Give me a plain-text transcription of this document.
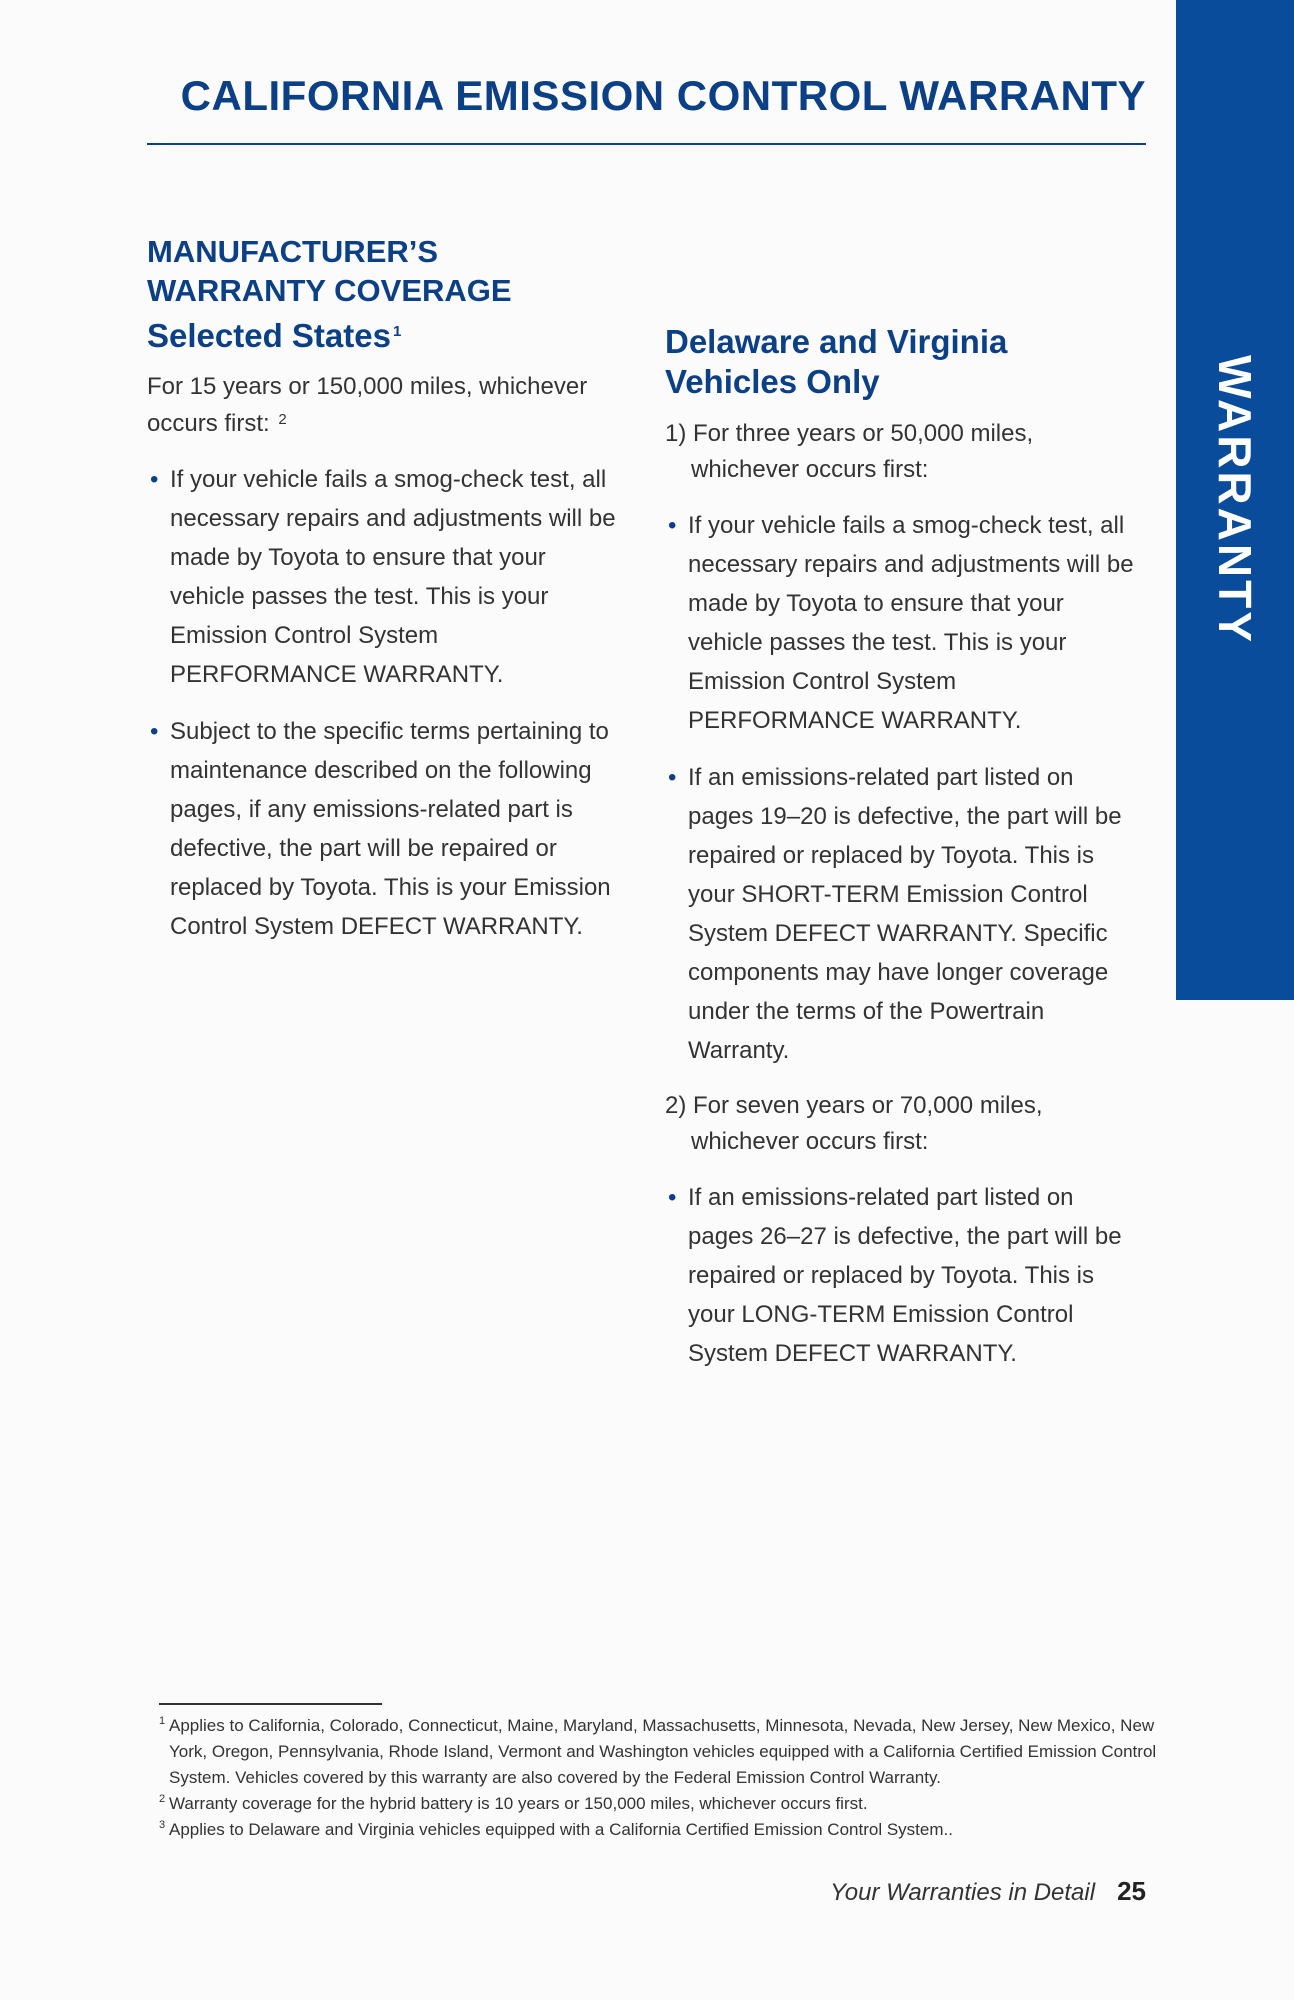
WARRANTY
CALIFORNIA EMISSION CONTROL WARRANTY
MANUFACTURER’S
WARRANTY COVERAGE
Selected States $^1$

For 15 years or 150,000 miles, whichever occurs first: $^2$

• If your vehicle fails a smog-check test, all necessary repairs and adjustments will be made by Toyota to ensure that your vehicle passes the test. This is your Emission Control System PERFORMANCE WARRANTY.
• Subject to the specific terms pertaining to maintenance described on the following pages, if any emissions-related part is defective, the part will be repaired or replaced by Toyota. This is your Emission Control System DEFECT WARRANTY.
Delaware and Virginia
Vehicles Only

1) For three years or 50,000 miles, whichever occurs first:

• If your vehicle fails a smog-check test, all necessary repairs and adjustments will be made by Toyota to ensure that your vehicle passes the test. This is your Emission Control System PERFORMANCE WARRANTY.
• If an emissions-related part listed on pages 19–20 is defective, the part will be repaired or replaced by Toyota. This is your SHORT-TERM Emission Control System DEFECT WARRANTY. Specific components may have longer coverage under the terms of the Powertrain Warranty.

2) For seven years or 70,000 miles, whichever occurs first:

• If an emissions-related part listed on pages 26–27 is defective, the part will be repaired or replaced by Toyota. This is your LONG-TERM Emission Control System DEFECT WARRANTY.
1 Applies to California, Colorado, Connecticut, Maine, Maryland, Massachusetts, Minnesota, Nevada, New Jersey, New Mexico, New York, Oregon, Pennsylvania, Rhode Island, Vermont and Washington vehicles equipped with a California Certified Emission Control System. Vehicles covered by this warranty are also covered by the Federal Emission Control Warranty.
2 Warranty coverage for the hybrid battery is 10 years or 150,000 miles, whichever occurs first.
3 Applies to Delaware and Virginia vehicles equipped with a California Certified Emission Control System..
Your Warranties in Detail 25
